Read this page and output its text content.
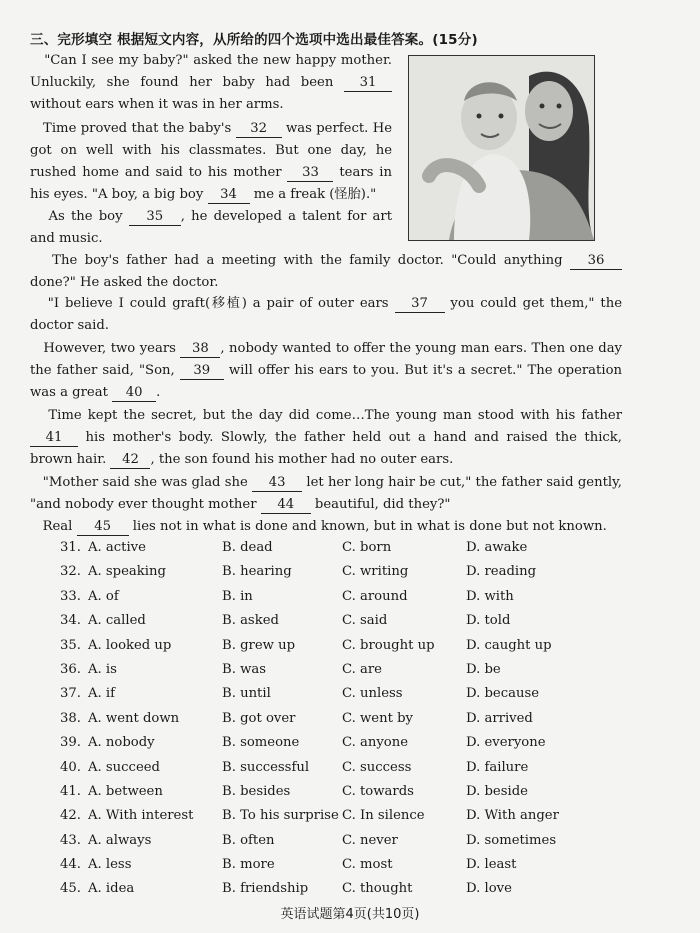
三、完形填空 根据短文内容，从所给的四个选项中选出最佳答案。(15分)
"Can I see my baby?" asked the new happy mother. Unluckily, she found her baby had been 31 without ears when it was in her arms.
Time proved that the baby's 32 was perfect. He got on well with his classmates. But one day, he rushed home and said to his mother 33 tears in his eyes. "A boy, a big boy 34 me a freak (怪胎)."
As the boy 35 , he developed a talent for art and music.
The boy's father had a meeting with the family doctor. "Could anything 36 done?" He asked the doctor.
"I believe I could graft(移植) a pair of outer ears 37 you could get them," the doctor said.
However, two years 38 , nobody wanted to offer the young man ears. Then one day the father said, "Son, 39 will offer his ears to you. But it's a secret." The operation was a great 40 .
Time kept the secret, but the day did come…The young man stood with his father 41 his mother's body. Slowly, the father held out a hand and raised the thick, brown hair. 42 , the son found his mother had no outer ears.
"Mother said she was glad she 43 let her long hair be cut," the father said gently, "and nobody ever thought mother 44 beautiful, did they?"
Real 45 lies not in what is done and known, but in what is done but not known.
31. A. active	B. dead	C. born	D. awake
32. A. speaking	B. hearing	C. writing	D. reading
33. A. of	B. in	C. around	D. with
34. A. called	B. asked	C. said	D. told
35. A. looked up	B. grew up	C. brought up D. caught up
36. A. is	B. was	C. are	D. be
37. A. if	B. until	C. unless	D. because
38. A. went down	B. got over	C. went by	D. arrived
39. A. nobody	B. someone	C. anyone	D. everyone
40. A. succeed	B. successful C. success	D. failure
41. A. between	B. besides	C. towards	D. beside
42. A. With interest B. To his surprise C. In silence	D. With anger
43. A. always	B. often	C. never	D. sometimes
44. A. less	B. more	C. most	D. least
45. A. idea	B. friendship	C. thought	D. love
英语试题第4页(共10页)
